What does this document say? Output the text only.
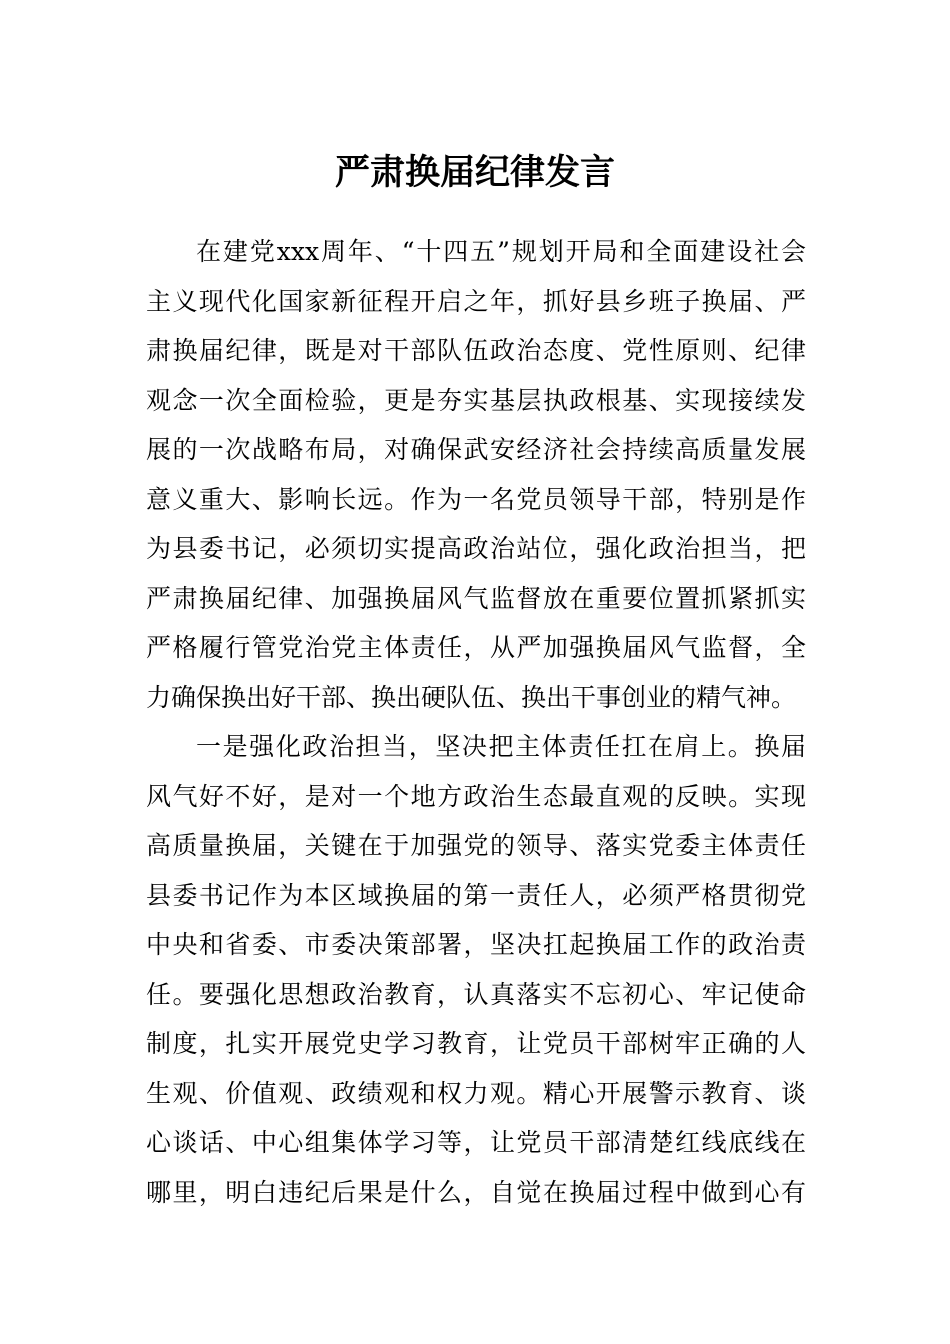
严肃换届纪律发言
在建党xxx周年、“十四五”规划开局和全面建设社会
主义现代化国家新征程开启之年，抓好县乡班子换届、严
肃换届纪律，既是对干部队伍政治态度、党性原则、纪律
观念一次全面检验，更是夯实基层执政根基、实现接续发
展的一次战略布局，对确保武安经济社会持续高质量发展
意义重大、影响长远。作为一名党员领导干部，特别是作
为县委书记，必须切实提高政治站位，强化政治担当，把
严肃换届纪律、加强换届风气监督放在重要位置抓紧抓实
严格履行管党治党主体责任，从严加强换届风气监督，全
力确保换出好干部、换出硬队伍、换出干事创业的精气神。
一是强化政治担当，坚决把主体责任扛在肩上。换届
风气好不好，是对一个地方政治生态最直观的反映。实现
高质量换届，关键在于加强党的领导、落实党委主体责任
县委书记作为本区域换届的第一责任人，必须严格贯彻党
中央和省委、市委决策部署，坚决扛起换届工作的政治责
任。要强化思想政治教育，认真落实不忘初心、牢记使命
制度，扎实开展党史学习教育，让党员干部树牢正确的人
生观、价值观、政绩观和权力观。精心开展警示教育、谈
心谈话、中心组集体学习等，让党员干部清楚红线底线在
哪里，明白违纪后果是什么，自觉在换届过程中做到心有
